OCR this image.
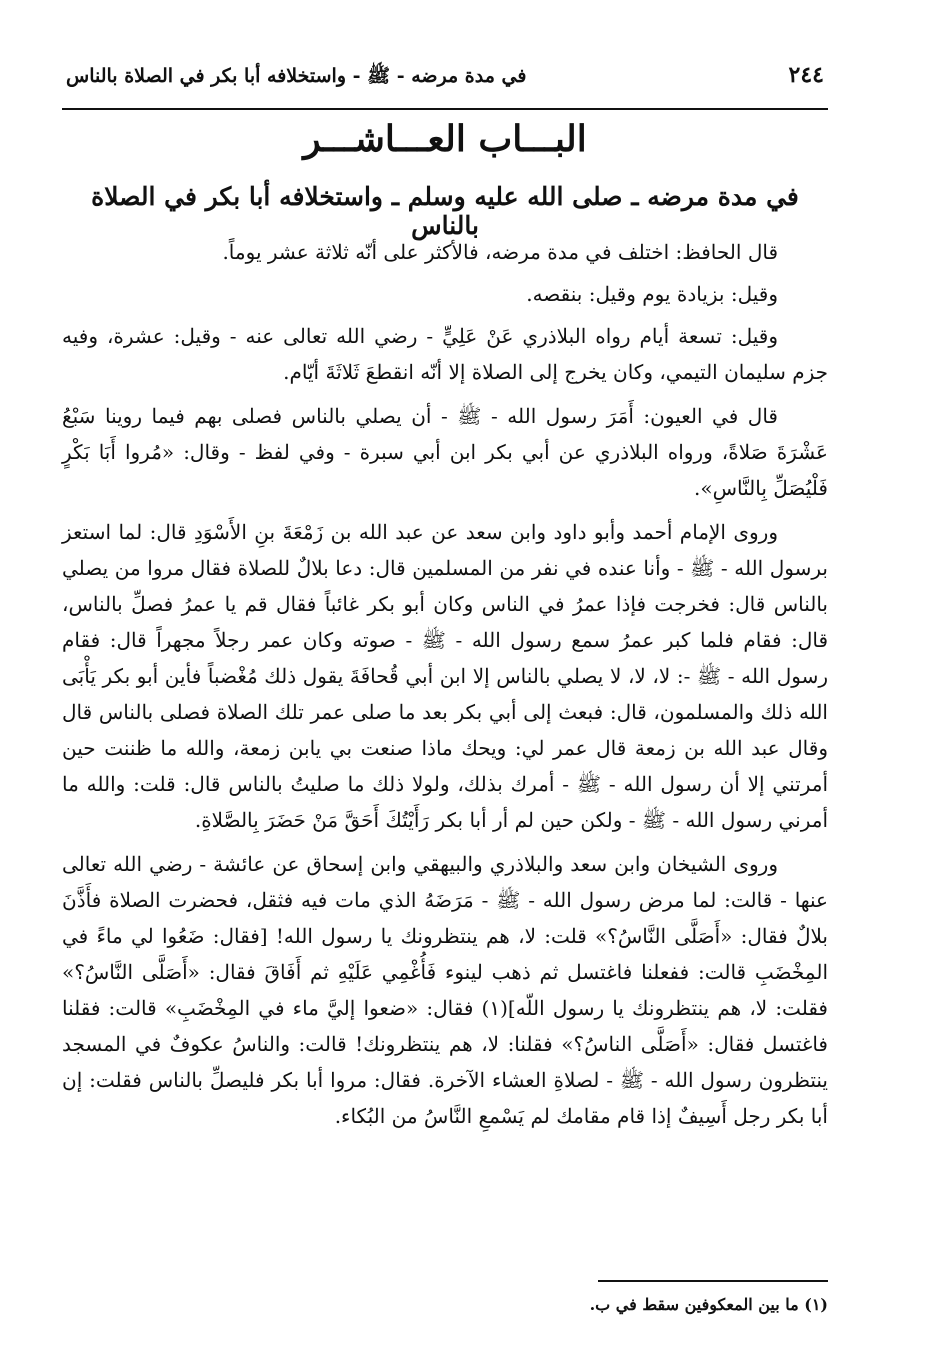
٢٤٤
في مدة مرضه - ﷺ - واستخلافه أبا بكر في الصلاة بالناس
البـــاب العـــاشـــر
في مدة مرضه ـ صلى الله عليه وسلم ـ واستخلافه أبا بكر في الصلاة بالناس

قال الحافظ: اختلف في مدة مرضه، فالأكثر على أنّه ثلاثة عشر يوماً.

وقيل: بزيادة يوم وقيل: بنقصه.

وقيل: تسعة أيام رواه البلاذري عَنْ عَلِيٍّ - رضي الله تعالى عنه - وقيل: عشرة، وفيه جزم سليمان التيمي، وكان يخرج إلى الصلاة إلا أنّه انقطعَ ثَلاثَةَ أيّام.

قال في العيون: أَمَرَ رسول الله - ﷺ - أن يصلي بالناس فصلى بهم فيما روينا سَبْعُ عَشْرَةَ صَلاةً، ورواه البلاذري عن أبي بكر ابن أبي سبرة - وفي لفظ - وقال: «مُروا أَبَا بَكْرٍ فَلْيُصَلِّ بِالنَّاسِ».

وروى الإمام أحمد وأبو داود وابن سعد عن عبد الله بن زَمْعَةَ بنِ الأَسْوَدِ قال: لما استعز برسول الله - ﷺ - وأنا عنده في نفر من المسلمين قال: دعا بلالٌ للصلاة فقال مروا من يصلي بالناس قال: فخرجت فإذا عمرُ في الناس وكان أبو بكر غائباً فقال قم يا عمرُ فصلِّ بالناس، قال: فقام فلما كبر عمرُ سمع رسول الله - ﷺ - صوته وكان عمر رجلاً مجهراً قال: فقام رسول الله - ﷺ -: لا، لا، لا يصلي بالناس إلا ابن أبي قُحافَةَ يقول ذلك مُغْضباً فأين أبو بكر يَأْبَى الله ذلك والمسلمون، قال: فبعث إلى أبي بكر بعد ما صلى عمر تلك الصلاة فصلى بالناس قال وقال عبد الله بن زمعة قال عمر لي: ويحك ماذا صنعت بي يابن زمعة، والله ما ظننت حين أمرتني إلا أن رسول الله - ﷺ - أمرك بذلك، ولولا ذلك ما صليتُ بالناس قال: قلت: والله ما أمرني رسول الله - ﷺ - ولكن حين لم أر أبا بكر رَأَيْتُكَ أَحَقَّ مَنْ حَضَرَ بِالصَّلاةِ.

وروى الشيخان وابن سعد والبلاذري والبيهقي وابن إسحاق عن عائشة - رضي الله تعالى عنها - قالت: لما مرض رسول الله - ﷺ - مَرَضَهُ الذي مات فيه فثقل، فحضرت الصلاة فأَذَّنَ بلالٌ فقال: «أَصَلَّى النَّاسُ؟» قلت: لا، هم ينتظرونك يا رسول الله! [فقال: ضَعُوا لي ماءً في المِخْضَبِ قالت: ففعلنا فاغتسل ثم ذهب لينوء فَأُغْمِي عَلَيْهِ ثم أَفَاقَ فقال: «أَصَلَّى النَّاسُ؟» فقلت: لا، هم ينتظرونك يا رسول اللّه](١) فقال: «ضعوا إليَّ ماء في المِخْضَبِ» قالت: فقلنا فاغتسل فقال: «أَصَلَّى الناسُ؟» فقلنا: لا، هم ينتظرونك! قالت: والناسُ عكوفٌ في المسجد ينتظرون رسول الله - ﷺ - لصلاةِ العشاء الآخرة. فقال: مروا أبا بكر فليصلِّ بالناس فقلت: إن أبا بكر رجل أَسِيفٌ إذا قام مقامك لم يَسْمعِ النَّاسُ من البُكاء.

(١) ما بين المعكوفين سقط في ب.
